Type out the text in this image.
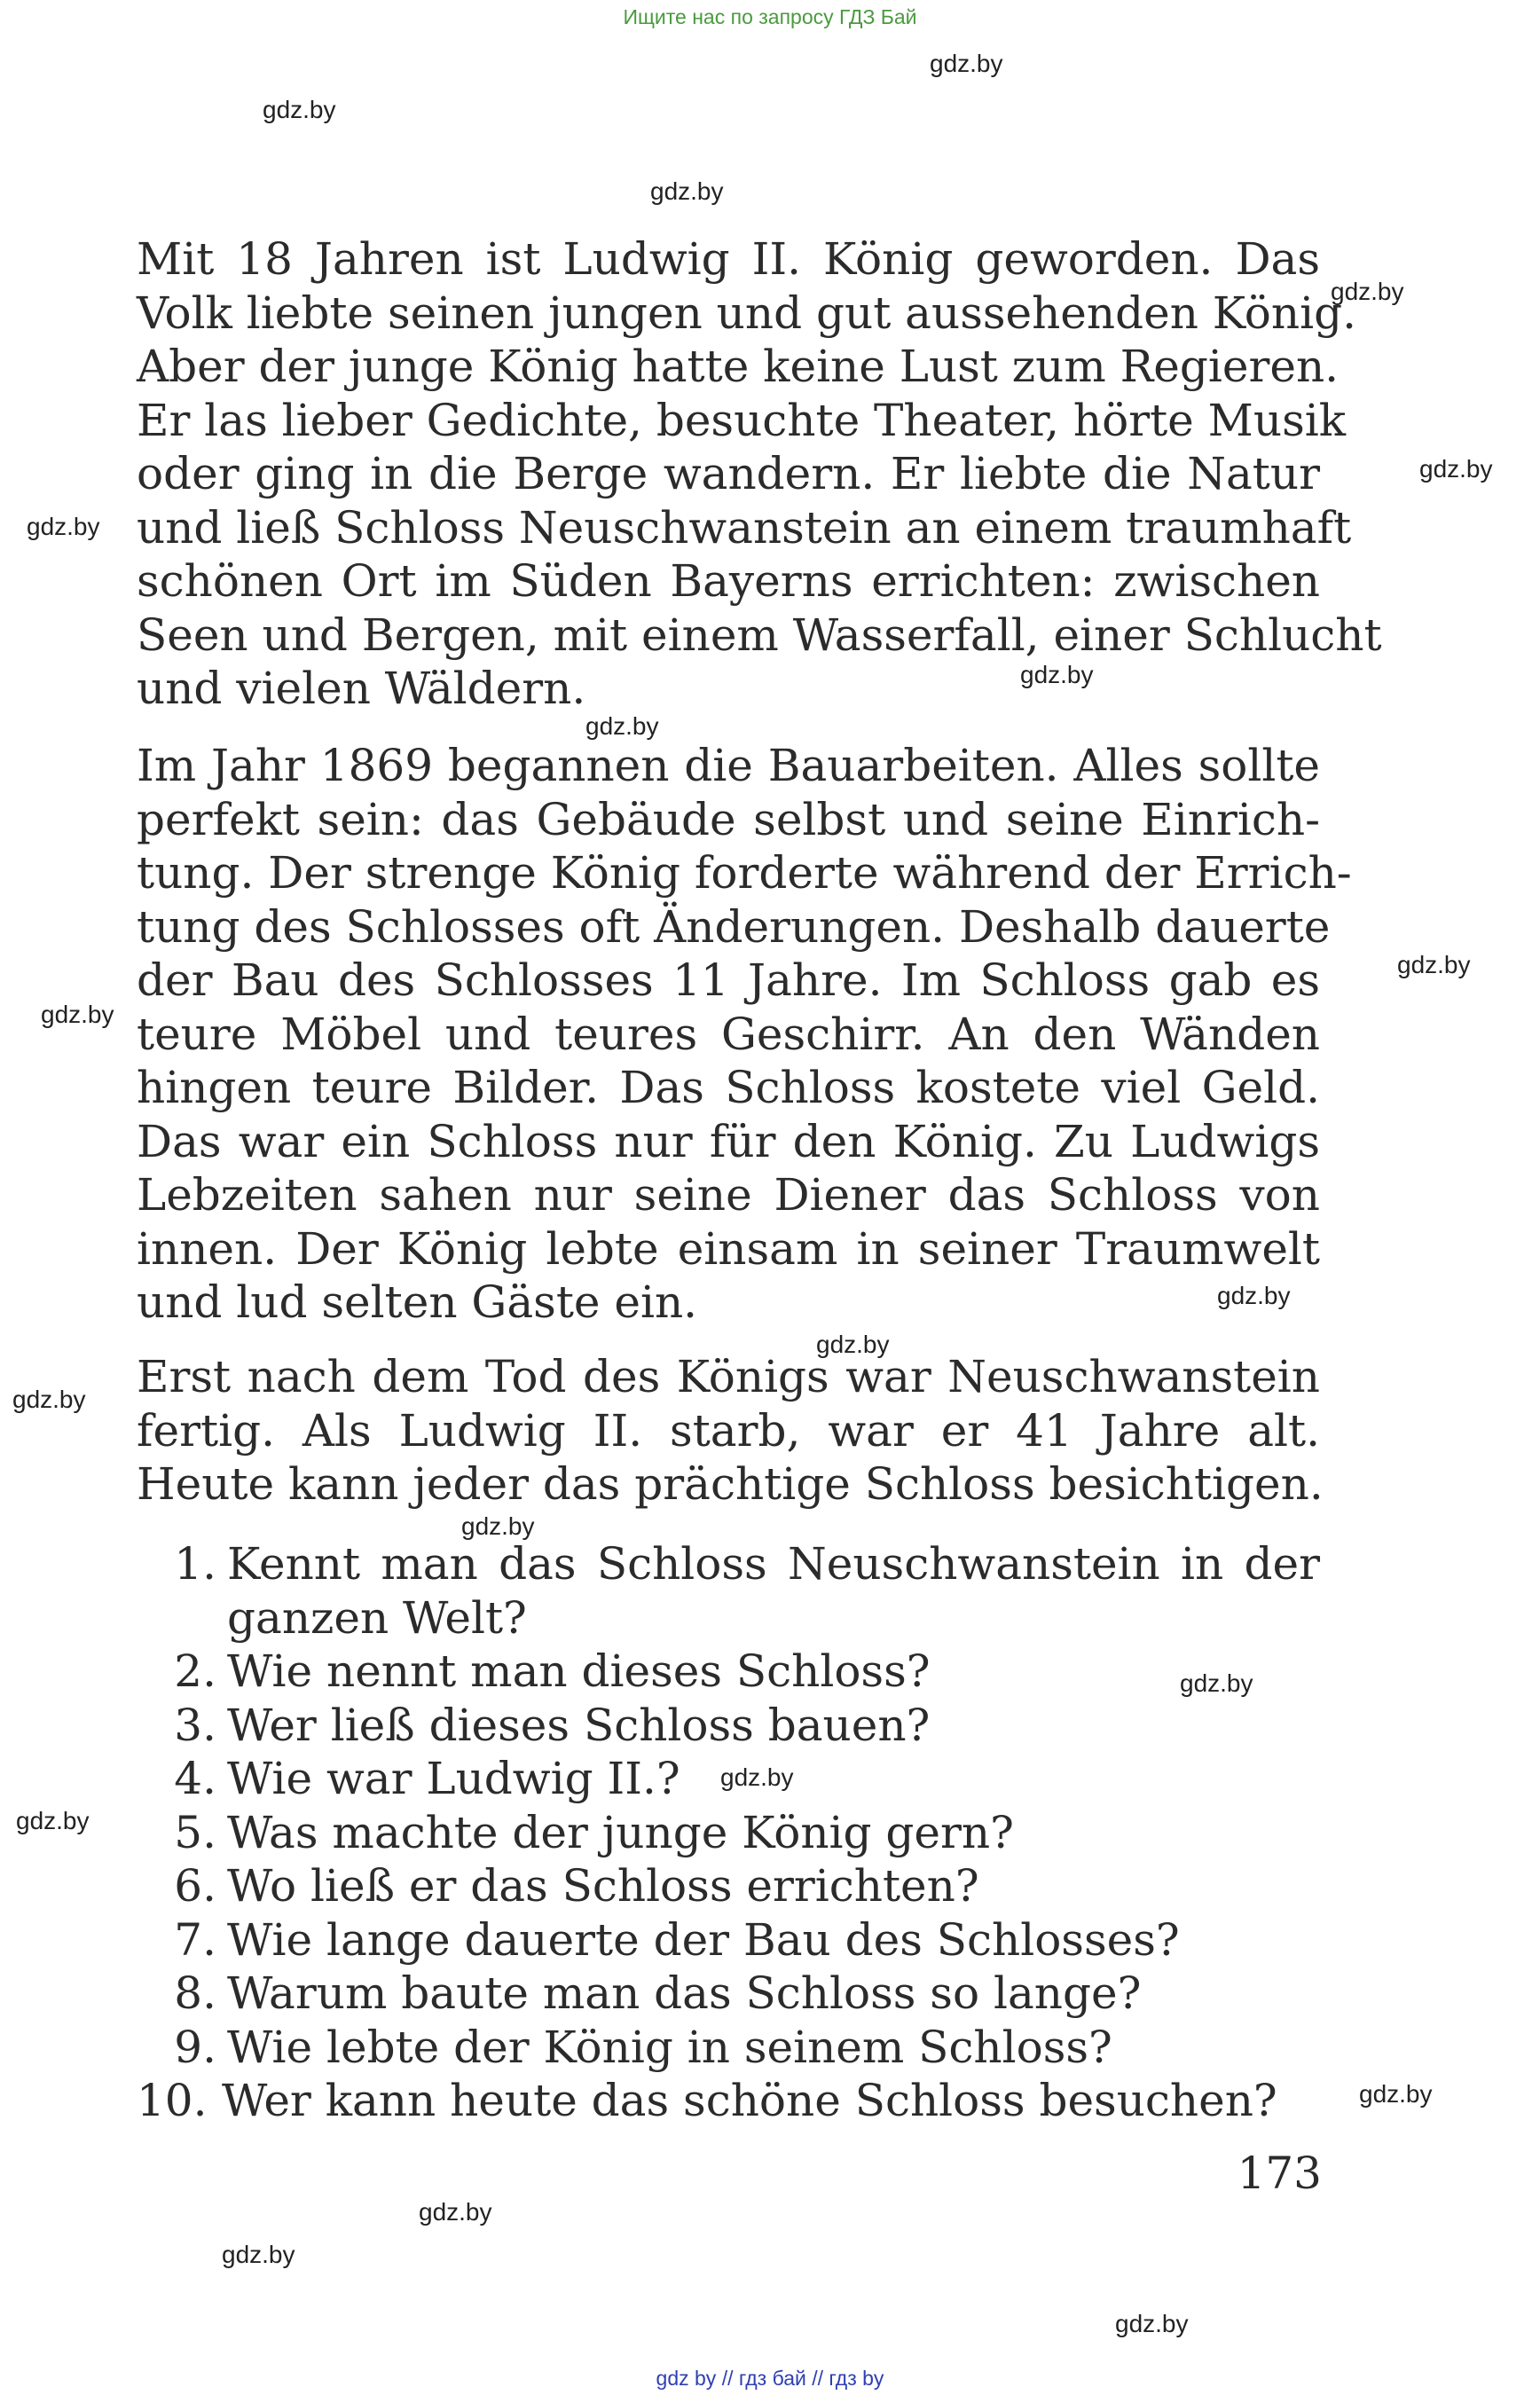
Ищите нас по запросу ГДЗ Бай
gdz.by
gdz.by
gdz.by
gdz.by
gdz.by
gdz.by
gdz.by
gdz.by
gdz.by
gdz.by
gdz.by
gdz.by
gdz.by
gdz.by
gdz.by
gdz.by
gdz.by
gdz.by
gdz.by
gdz.by
gdz.by

Mit 18 Jahren ist Ludwig II. König geworden. Das
Volk liebte seinen jungen und gut aussehenden König.
Aber der junge König hatte keine Lust zum Regieren.
Er las lieber Gedichte, besuchte Theater, hörte Musik
oder ging in die Berge wandern. Er liebte die Natur
und ließ Schloss Neuschwanstein an einem traumhaft
schönen Ort im Süden Bayerns errichten: zwischen
Seen und Bergen, mit einem Wasserfall, einer Schlucht
und vielen Wäldern.

Im Jahr 1869 begannen die Bauarbeiten. Alles sollte
perfekt sein: das Gebäude selbst und seine Einrich-
tung. Der strenge König forderte während der Errich-
tung des Schlosses oft Änderungen. Deshalb dauerte
der Bau des Schlosses 11 Jahre. Im Schloss gab es
teure Möbel und teures Geschirr. An den Wänden
hingen teure Bilder. Das Schloss kostete viel Geld.
Das war ein Schloss nur für den König. Zu Ludwigs
Lebzeiten sahen nur seine Diener das Schloss von
innen. Der König lebte einsam in seiner Traumwelt
und lud selten Gäste ein.

Erst nach dem Tod des Königs war Neuschwanstein
fertig. Als Ludwig II. starb, war er 41 Jahre alt.
Heute kann jeder das prächtige Schloss besichtigen.

1. Kennt man das Schloss Neuschwanstein in der
ganzen Welt?
2. Wie nennt man dieses Schloss?
3. Wer ließ dieses Schloss bauen?
4. Wie war Ludwig II.?
5. Was machte der junge König gern?
6. Wo ließ er das Schloss errichten?
7. Wie lange dauerte der Bau des Schlosses?
8. Warum baute man das Schloss so lange?
9. Wie lebte der König in seinem Schloss?
10. Wer kann heute das schöne Schloss besuchen?
173
gdz by // гдз бай // гдз by
